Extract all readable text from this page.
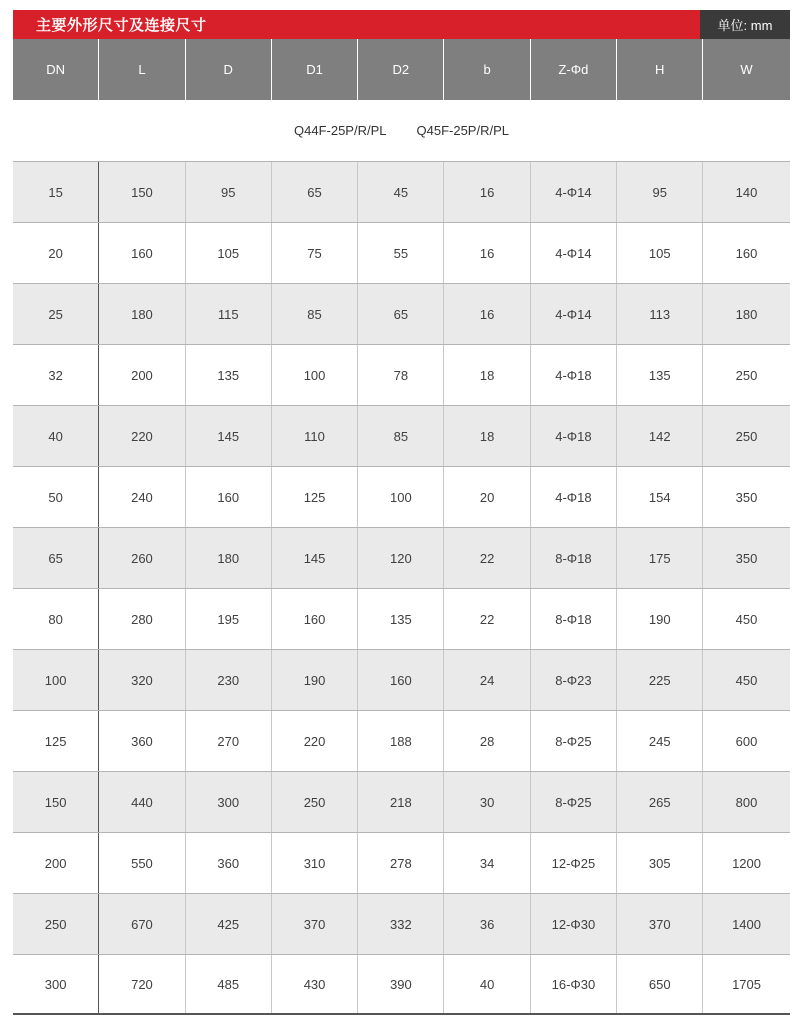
主要外形尺寸及连接尺寸	单位: mm
DN	L	D	D1	D2	b	Z-Φd	H	W
Q44F-25P/R/PL Q45F-25P/R/PL
15	150	95	65	45	16	4-Φ14	95	140
20	160	105	75	55	16	4-Φ14	105	160
25	180	115	85	65	16	4-Φ14	113	180
32	200	135	100	78	18	4-Φ18	135	250
40	220	145	110	85	18	4-Φ18	142	250
50	240	160	125	100	20	4-Φ18	154	350
65	260	180	145	120	22	8-Φ18	175	350
80	280	195	160	135	22	8-Φ18	190	450
100	320	230	190	160	24	8-Φ23	225	450
125	360	270	220	188	28	8-Φ25	245	600
150	440	300	250	218	30	8-Φ25	265	800
200	550	360	310	278	34	12-Φ25	305	1200
250	670	425	370	332	36	12-Φ30	370	1400
300	720	485	430	390	40	16-Φ30	650	1705
